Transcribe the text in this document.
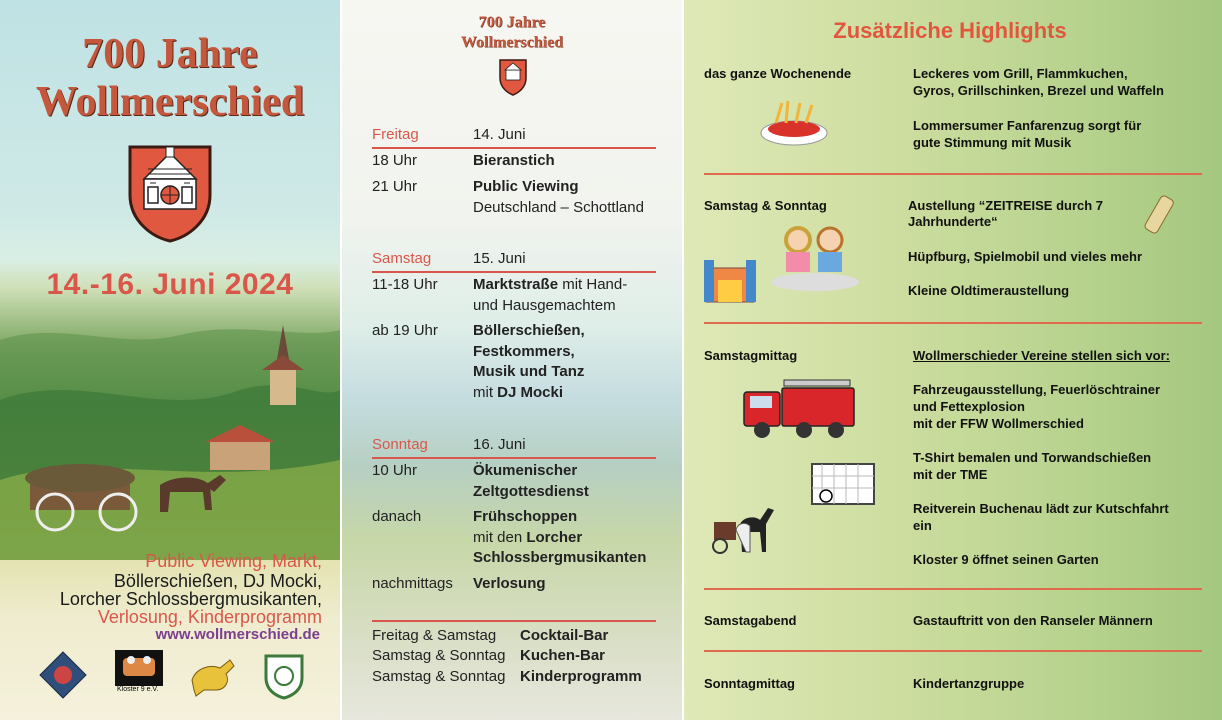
700 Jahre
Wollmerschied
14.-16. Juni 2024
Public Viewing, Markt,
Böllerschießen, DJ Mocki,
Lorcher Schlossbergmusikanten,
Verlosung, Kinderprogramm
www.wollmerschied.de
Kloster 9 e.V.
700 Jahre
Wollmerschied
Freitag	14. Juni
18 Uhr	Bieranstich
21 Uhr	Public Viewing
Deutschland – Schottland
Samstag	15. Juni
11-18 Uhr Marktstraße mit Hand-
und Hausgemachtem
ab 19 Uhr Böllerschießen,
Festkommers,
Musik und Tanz
mit DJ Mocki
Sonntag	16. Juni
10 Uhr	Ökumenischer
Zeltgottesdienst
danach	Frühschoppen
mit den Lorcher
Schlossbergmusikanten
nachmittags Verlosung
Freitag & Samstag Cocktail-Bar
Samstag & Sonntag Kuchen-Bar
Samstag & Sonntag Kinderprogramm
Zusätzliche Highlights
das ganze Wochenende	Leckeres vom Grill, Flammkuchen,
Gyros, Grillschinken, Brezel und Waffeln
Lommersumer Fanfarenzug sorgt für
gute Stimmung mit Musik
Samstag & Sonntag	Austellung “ZEITREISE durch 7
Jahrhunderte“
Hüpfburg, Spielmobil und vieles mehr
Kleine Oldtimeraustellung
Samstagmittag	Wollmerschieder Vereine stellen sich vor:
Fahrzeugausstellung, Feuerlöschtrainer
und Fettexplosion
mit der FFW Wollmerschied
T-Shirt bemalen und Torwandschießen
mit der TME
Reitverein Buchenau lädt zur Kutschfahrt
ein
Kloster 9 öffnet seinen Garten
Samstagabend	Gastauftritt von den Ranseler Männern
Sonntagmittag	Kindertanzgruppe
